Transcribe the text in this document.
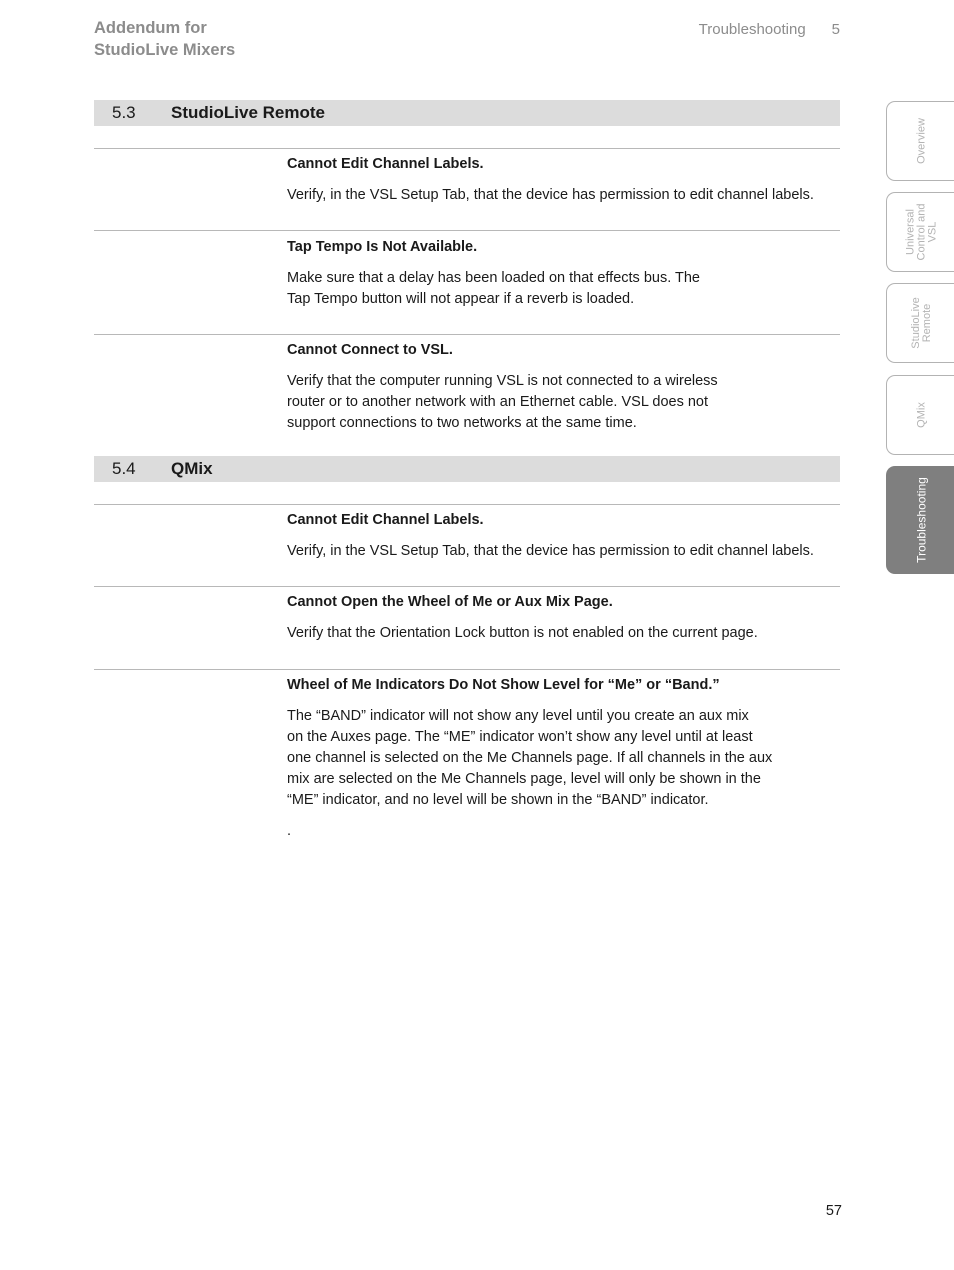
Addendum for
StudioLive Mixers
Troubleshooting 5
5.3 StudioLive Remote

Cannot Edit Channel Labels.

Verify, in the VSL Setup Tab, that the device has permission to edit channel labels.

Tap Tempo Is Not Available.

Make sure that a delay has been loaded on that effects bus. The
Tap Tempo button will not appear if a reverb is loaded.

Cannot Connect to VSL.

Verify that the computer running VSL is not connected to a wireless
router or to another network with an Ethernet cable. VSL does not
support connections to two networks at the same time.

5.4 QMix

Cannot Edit Channel Labels.

Verify, in the VSL Setup Tab, that the device has permission to edit channel labels.

Cannot Open the Wheel of Me or Aux Mix Page.

Verify that the Orientation Lock button is not enabled on the current page.

Wheel of Me Indicators Do Not Show Level for “Me” or “Band.”

The “BAND” indicator will not show any level until you create an aux mix
on the Auxes page. The “ME” indicator won’t show any level until at least
one channel is selected on the Me Channels page. If all channels in the aux
mix are selected on the Me Channels page, level will only be shown in the
“ME” indicator, and no level will be shown in the “BAND” indicator.

.

Overview
Universal
Control and
VSL
StudioLive
Remote
QMix
Troubleshooting
57
